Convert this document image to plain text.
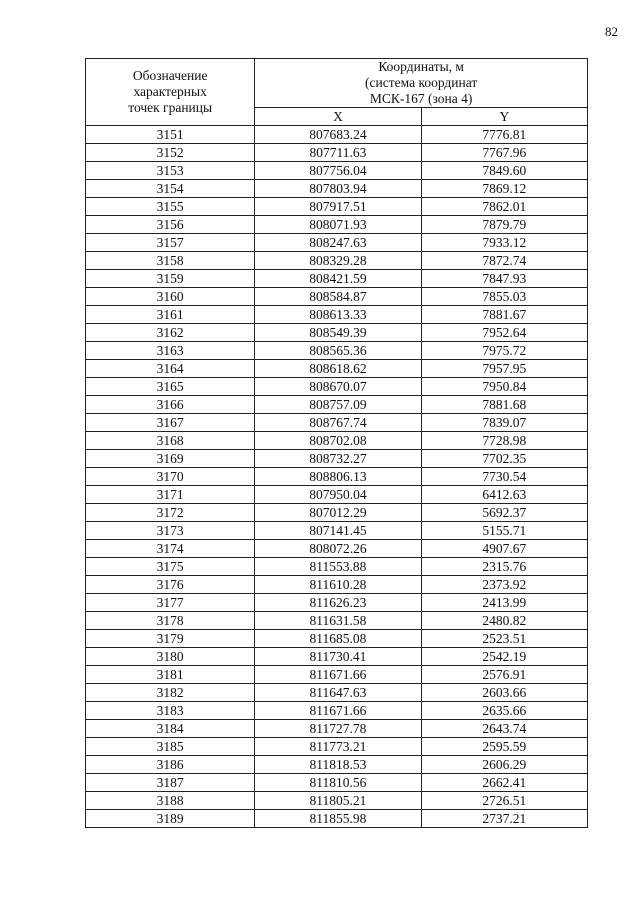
82
Обозначение
характерных
точек границы	Координаты, м
(система координат
МСК-167 (зона 4)	

	X	Y
3151	807683.24	7776.81
3152	807711.63	7767.96
3153	807756.04	7849.60
3154	807803.94	7869.12
3155	807917.51	7862.01
3156	808071.93	7879.79
3157	808247.63	7933.12
3158	808329.28	7872.74
3159	808421.59	7847.93
3160	808584.87	7855.03
3161	808613.33	7881.67
3162	808549.39	7952.64
3163	808565.36	7975.72
3164	808618.62	7957.95
3165	808670.07	7950.84
3166	808757.09	7881.68
3167	808767.74	7839.07
3168	808702.08	7728.98
3169	808732.27	7702.35
3170	808806.13	7730.54
3171	807950.04	6412.63
3172	807012.29	5692.37
3173	807141.45	5155.71
3174	808072.26	4907.67
3175	811553.88	2315.76
3176	811610.28	2373.92
3177	811626.23	2413.99
3178	811631.58	2480.82
3179	811685.08	2523.51
3180	811730.41	2542.19
3181	811671.66	2576.91
3182	811647.63	2603.66
3183	811671.66	2635.66
3184	811727.78	2643.74
3185	811773.21	2595.59
3186	811818.53	2606.29
3187	811810.56	2662.41
3188	811805.21	2726.51
3189	811855.98	2737.21
